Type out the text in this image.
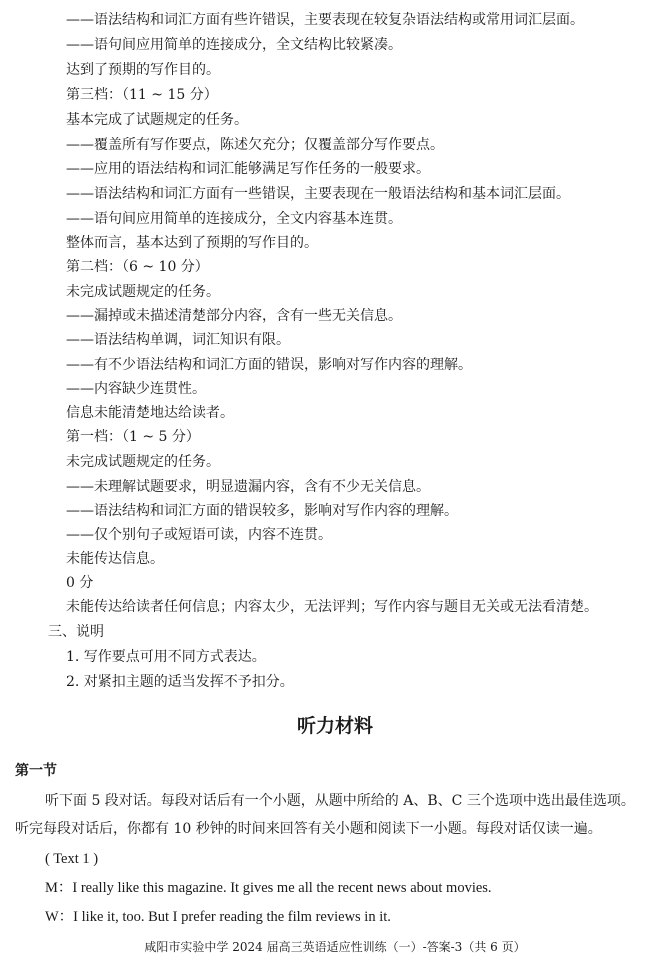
——语法结构和词汇方面有些许错误，主要表现在较复杂语法结构或常用词汇层面。
——语句间应用简单的连接成分，全文结构比较紧凑。
达到了预期的写作目的。
第三档：（11 ~ 15 分）
基本完成了试题规定的任务。
——覆盖所有写作要点，陈述欠充分；仅覆盖部分写作要点。
——应用的语法结构和词汇能够满足写作任务的一般要求。
——语法结构和词汇方面有一些错误，主要表现在一般语法结构和基本词汇层面。
——语句间应用简单的连接成分，全文内容基本连贯。
整体而言，基本达到了预期的写作目的。
第二档：（6 ~ 10 分）
未完成试题规定的任务。
——漏掉或未描述清楚部分内容，含有一些无关信息。
——语法结构单调，词汇知识有限。
——有不少语法结构和词汇方面的错误，影响对写作内容的理解。
——内容缺少连贯性。
信息未能清楚地达给读者。
第一档：（1 ~ 5 分）
未完成试题规定的任务。
——未理解试题要求，明显遗漏内容，含有不少无关信息。
——语法结构和词汇方面的错误较多，影响对写作内容的理解。
——仅个别句子或短语可读，内容不连贯。
未能传达信息。
0 分
未能传达给读者任何信息；内容太少，无法评判；写作内容与题目无关或无法看清楚。
三、说明
1. 写作要点可用不同方式表达。
2. 对紧扣主题的适当发挥不予扣分。
听力材料
第一节
听下面 5 段对话。每段对话后有一个小题，从题中所给的 A、B、C 三个选项中选出最佳选项。
听完每段对话后，你都有 10 秒钟的时间来回答有关小题和阅读下一小题。每段对话仅读一遍。
( Text 1 )
M：I really like this magazine. It gives me all the recent news about movies.
W：I like it, too. But I prefer reading the film reviews in it.
咸阳市实验中学 2024 届高三英语适应性训练（一）-答案-3（共 6 页）
